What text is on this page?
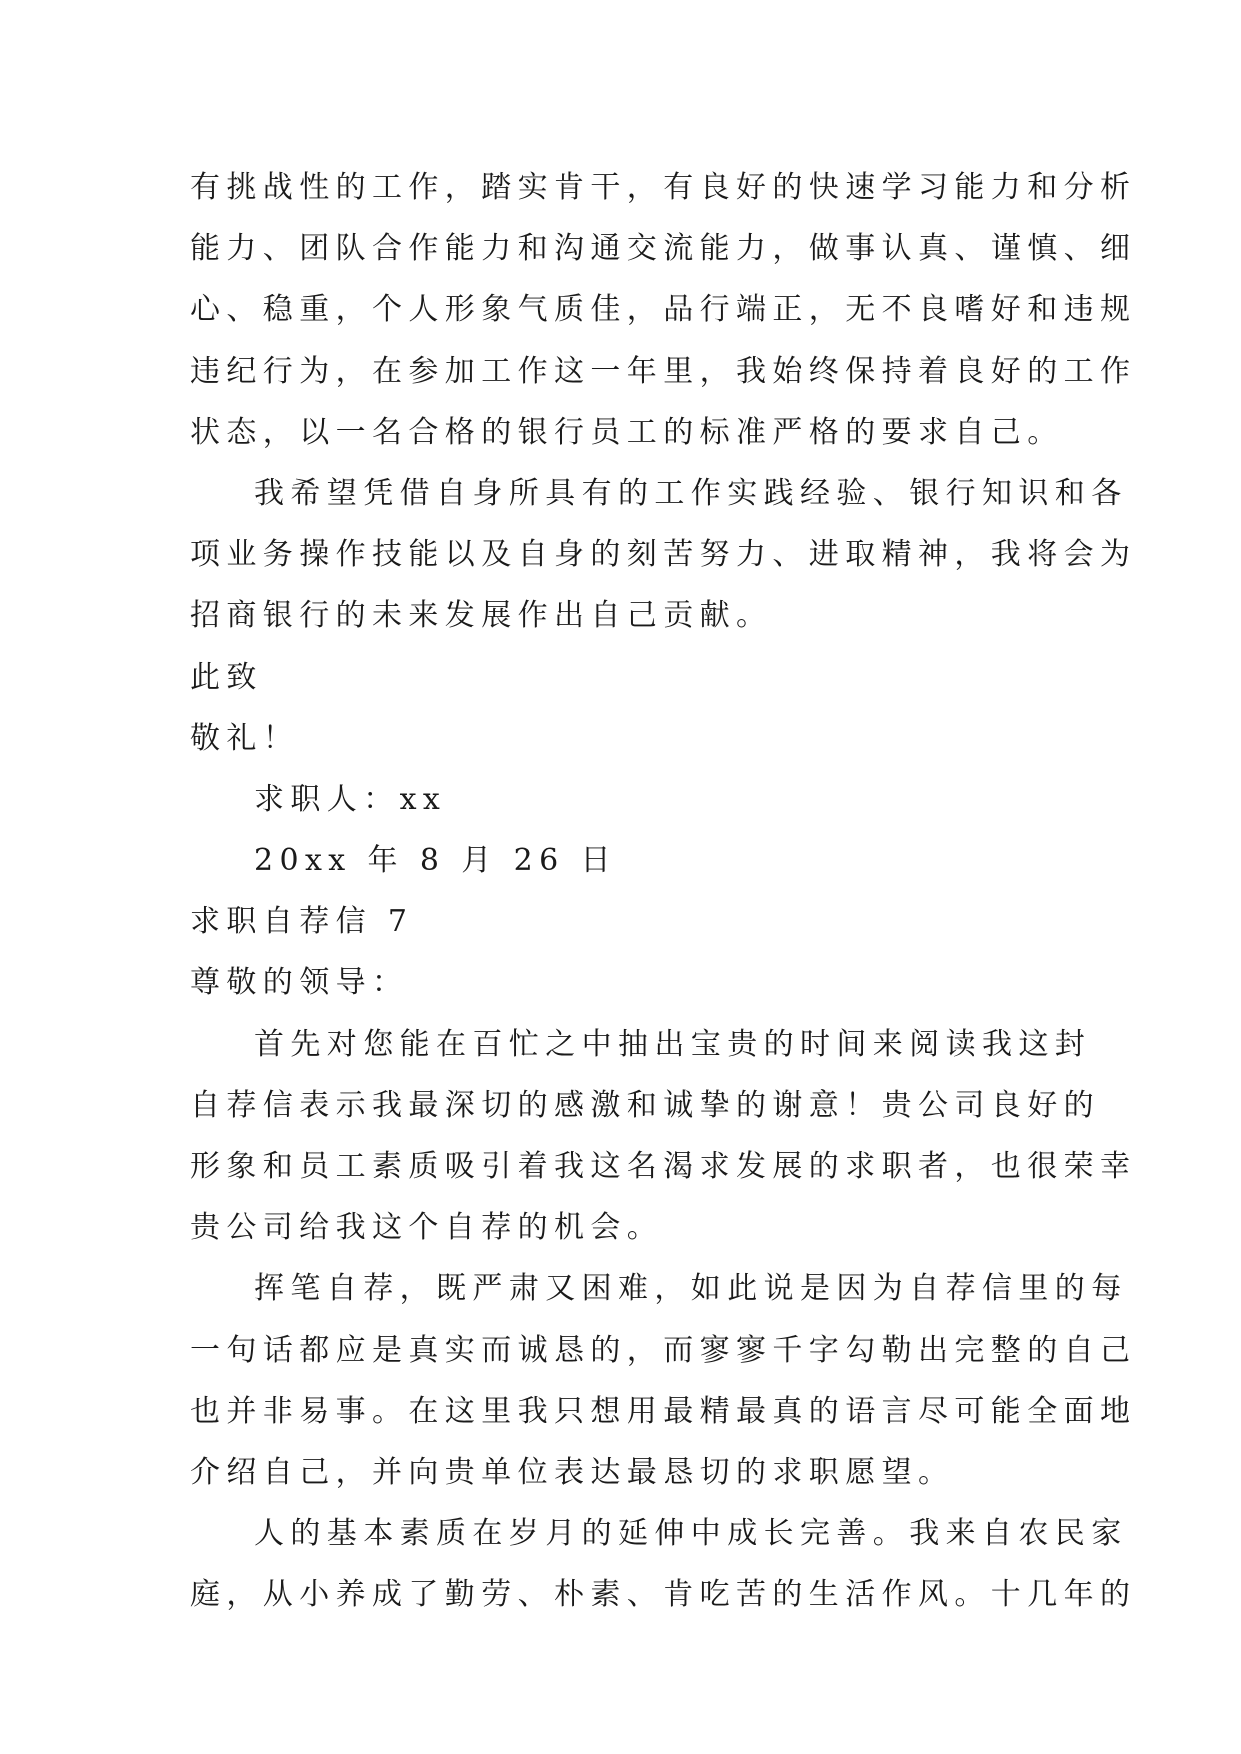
有挑战性的工作，踏实肯干，有良好的快速学习能力和分析
能力、团队合作能力和沟通交流能力，做事认真、谨慎、细
心、稳重，个人形象气质佳，品行端正，无不良嗜好和违规
违纪行为，在参加工作这一年里，我始终保持着良好的工作
状态，以一名合格的银行员工的标准严格的要求自己。
我希望凭借自身所具有的工作实践经验、银行知识和各
项业务操作技能以及自身的刻苦努力、进取精神，我将会为
招商银行的未来发展作出自己贡献。
此致
敬礼！
求职人：xx
20xx 年 8 月 26 日
求职自荐信 7
尊敬的领导：
首先对您能在百忙之中抽出宝贵的时间来阅读我这封
自荐信表示我最深切的感激和诚挚的谢意！贵公司良好的
形象和员工素质吸引着我这名渴求发展的求职者，也很荣幸
贵公司给我这个自荐的机会。
挥笔自荐，既严肃又困难，如此说是因为自荐信里的每
一句话都应是真实而诚恳的，而寥寥千字勾勒出完整的自己
也并非易事。在这里我只想用最精最真的语言尽可能全面地
介绍自己，并向贵单位表达最恳切的求职愿望。
人的基本素质在岁月的延伸中成长完善。我来自农民家
庭，从小养成了勤劳、朴素、肯吃苦的生活作风。十几年的
